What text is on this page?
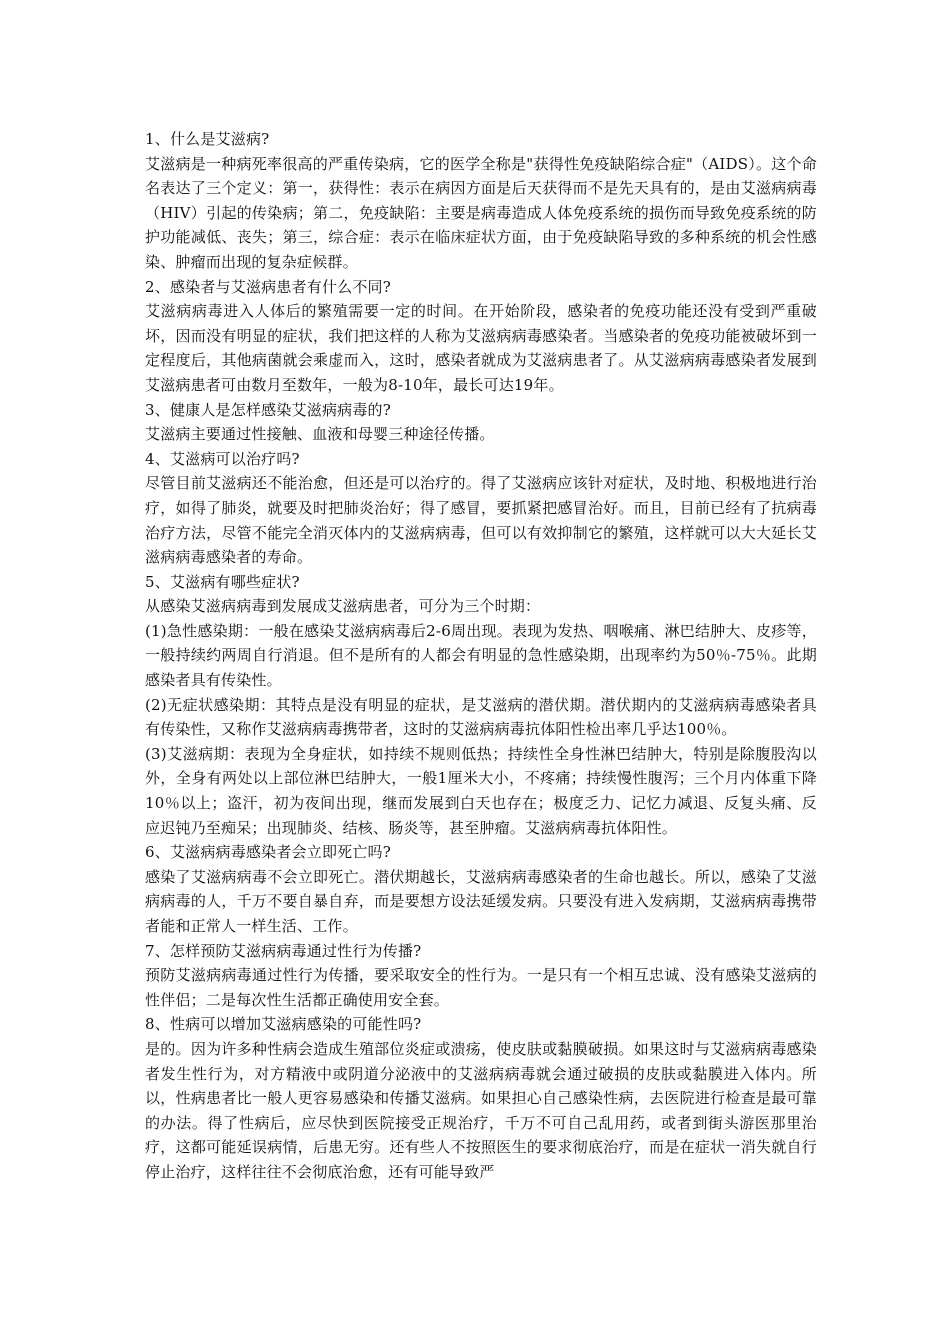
1、什么是艾滋病?

艾滋病是一种病死率很高的严重传染病，它的医学全称是"获得性免疫缺陷综合症"（AIDS）。这个命名表达了三个定义：第一，获得性：表示在病因方面是后天获得而不是先天具有的，是由艾滋病病毒（HIV）引起的传染病；第二，免疫缺陷：主要是病毒造成人体免疫系统的损伤而导致免疫系统的防护功能减低、丧失；第三，综合症：表示在临床症状方面，由于免疫缺陷导致的多种系统的机会性感染、肿瘤而出现的复杂症候群。

2、感染者与艾滋病患者有什么不同?

艾滋病病毒进入人体后的繁殖需要一定的时间。在开始阶段，感染者的免疫功能还没有受到严重破坏，因而没有明显的症状，我们把这样的人称为艾滋病病毒感染者。当感染者的免疫功能被破坏到一定程度后，其他病菌就会乘虚而入，这时，感染者就成为艾滋病患者了。从艾滋病病毒感染者发展到艾滋病患者可由数月至数年，一般为8-10年，最长可达19年。

3、健康人是怎样感染艾滋病病毒的?

艾滋病主要通过性接触、血液和母婴三种途径传播。

4、艾滋病可以治疗吗?

尽管目前艾滋病还不能治愈，但还是可以治疗的。得了艾滋病应该针对症状，及时地、积极地进行治疗，如得了肺炎，就要及时把肺炎治好；得了感冒，要抓紧把感冒治好。而且，目前已经有了抗病毒治疗方法，尽管不能完全消灭体内的艾滋病病毒，但可以有效抑制它的繁殖，这样就可以大大延长艾滋病病毒感染者的寿命。

5、艾滋病有哪些症状?

从感染艾滋病病毒到发展成艾滋病患者，可分为三个时期：

(1)急性感染期：一般在感染艾滋病病毒后2-6周出现。表现为发热、咽喉痛、淋巴结肿大、皮疹等，一般持续约两周自行消退。但不是所有的人都会有明显的急性感染期，出现率约为50％-75％。此期感染者具有传染性。

(2)无症状感染期：其特点是没有明显的症状，是艾滋病的潜伏期。潜伏期内的艾滋病病毒感染者具有传染性，又称作艾滋病病毒携带者，这时的艾滋病病毒抗体阳性检出率几乎达100％。

(3)艾滋病期：表现为全身症状，如持续不规则低热；持续性全身性淋巴结肿大，特别是除腹股沟以外，全身有两处以上部位淋巴结肿大，一般1厘米大小，不疼痛；持续慢性腹泻；三个月内体重下降10％以上；盗汗，初为夜间出现，继而发展到白天也存在；极度乏力、记忆力减退、反复头痛、反应迟钝乃至痴呆；出现肺炎、结核、肠炎等，甚至肿瘤。艾滋病病毒抗体阳性。

6、艾滋病病毒感染者会立即死亡吗?

感染了艾滋病病毒不会立即死亡。潜伏期越长，艾滋病病毒感染者的生命也越长。所以，感染了艾滋病病毒的人，千万不要自暴自弃，而是要想方设法延缓发病。只要没有进入发病期，艾滋病病毒携带者能和正常人一样生活、工作。

7、怎样预防艾滋病病毒通过性行为传播?

预防艾滋病病毒通过性行为传播，要采取安全的性行为。一是只有一个相互忠诚、没有感染艾滋病的性伴侣；二是每次性生活都正确使用安全套。

8、性病可以增加艾滋病感染的可能性吗?

是的。因为许多种性病会造成生殖部位炎症或溃疡，使皮肤或黏膜破损。如果这时与艾滋病病毒感染者发生性行为，对方精液中或阴道分泌液中的艾滋病病毒就会通过破损的皮肤或黏膜进入体内。所以，性病患者比一般人更容易感染和传播艾滋病。如果担心自己感染性病，去医院进行检查是最可靠的办法。得了性病后，应尽快到医院接受正规治疗，千万不可自己乱用药，或者到街头游医那里治疗，这都可能延误病情，后患无穷。还有些人不按照医生的要求彻底治疗，而是在症状一消失就自行停止治疗，这样往往不会彻底治愈，还有可能导致严
